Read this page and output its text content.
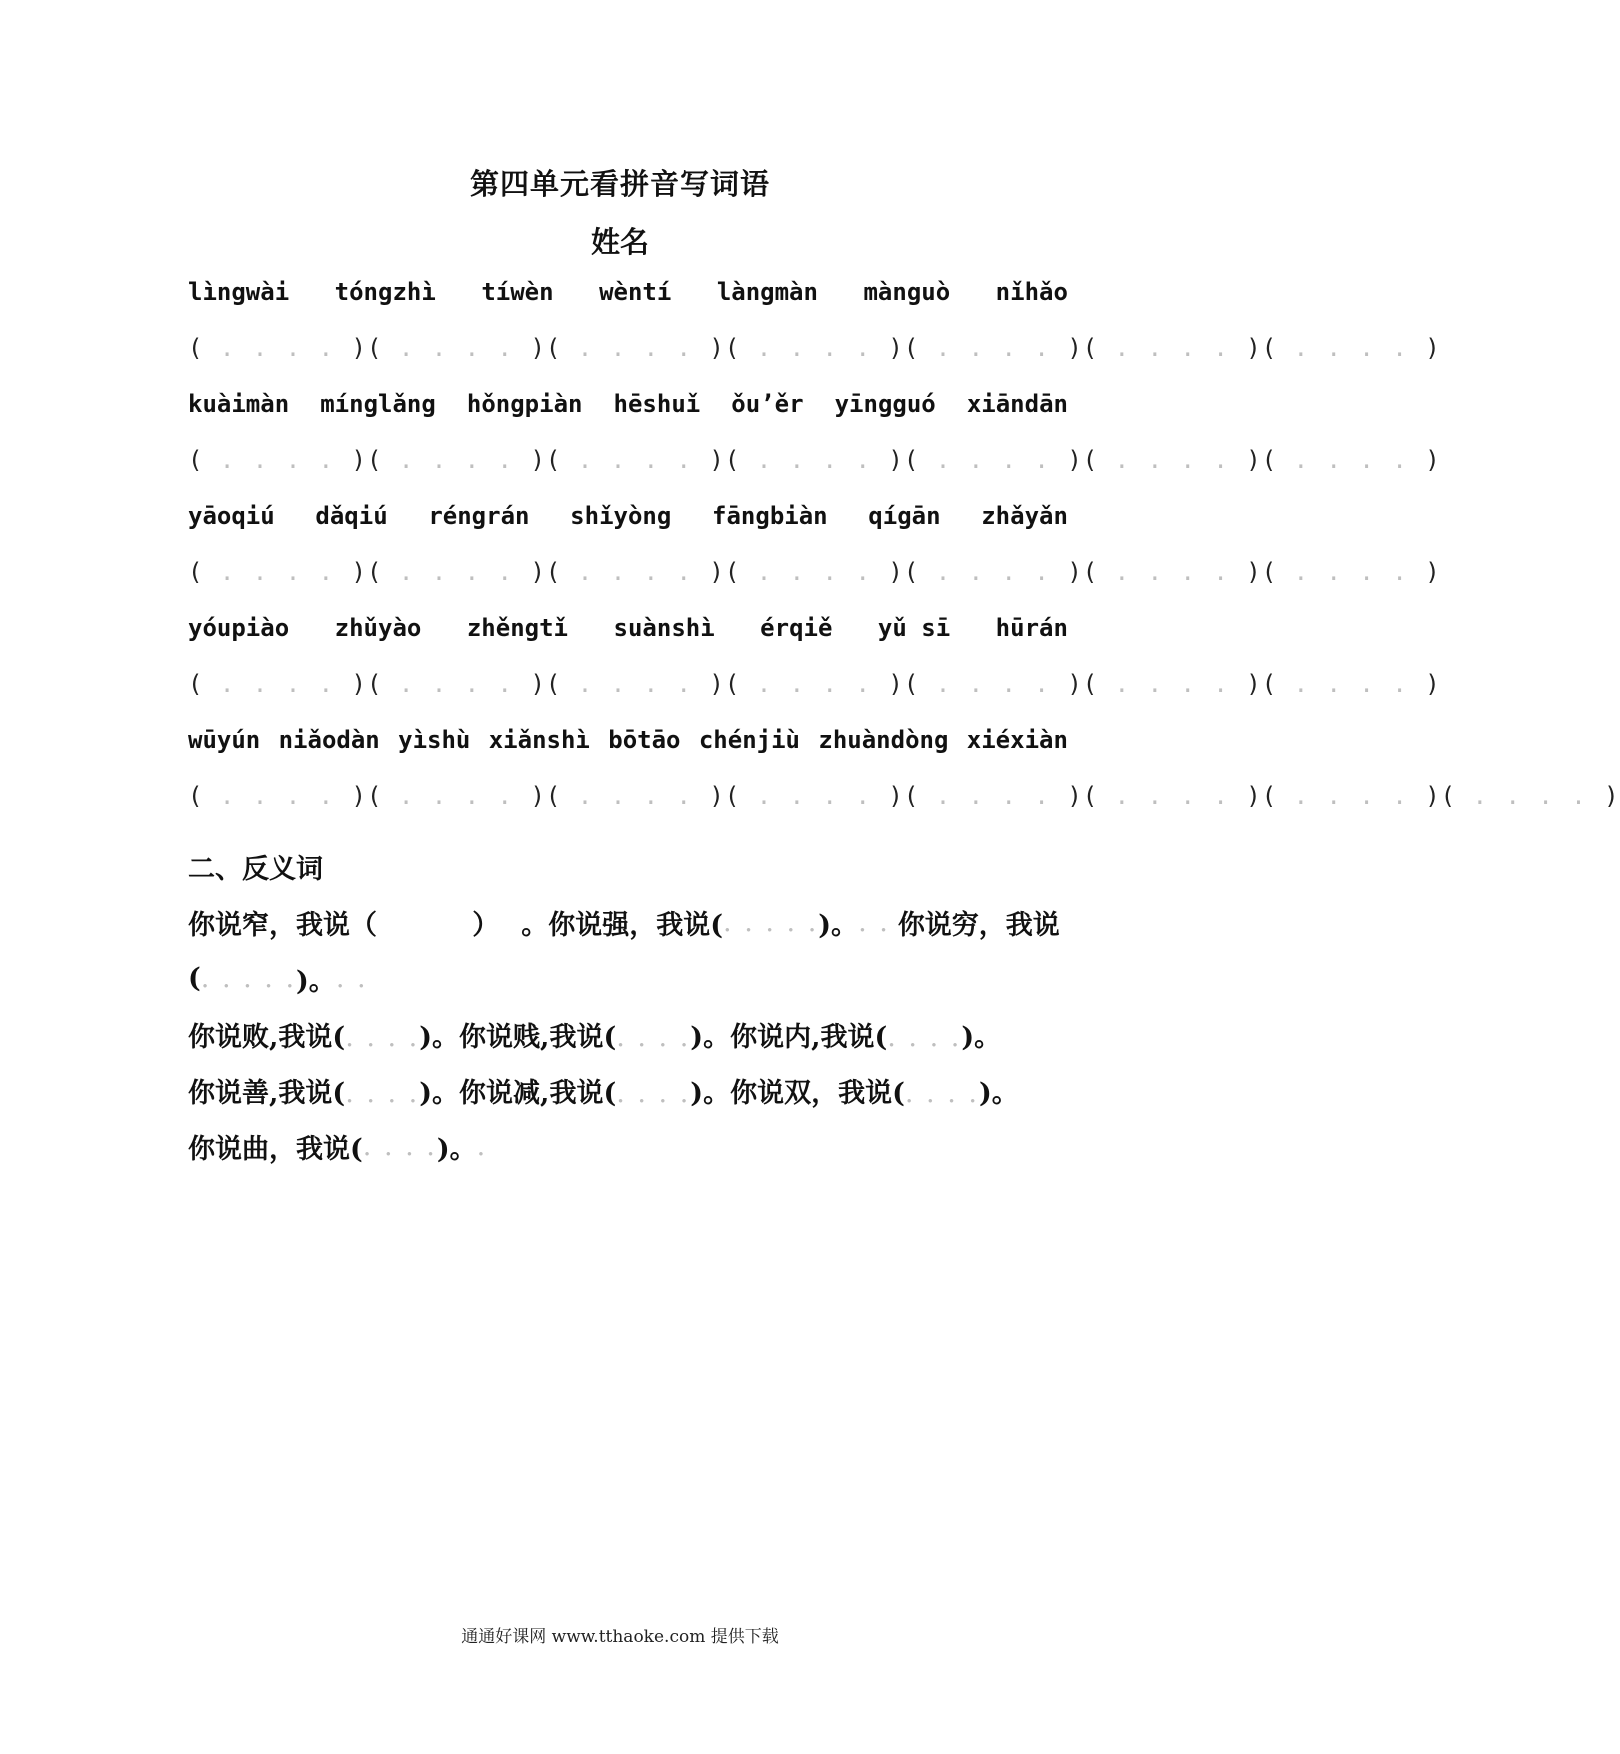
第四单元看拼音写词语
姓名
lìngwài tóngzhì tíwèn wèntí làngmàn mànguò nǐhǎo
( . . . . ) ( . . . . ) ( . . . . ) ( . . . . ) ( . . . . ) ( . . . . ) ( . . . . )
kuàimàn mínglǎng hǒngpiàn hēshuǐ ǒu’ěr yīngguó xiāndān
( . . . . ) ( . . . . ) ( . . . . ) ( . . . . ) ( . . . . ) ( . . . . ) ( . . . . )
yāoqiú dǎqiú réngrán shǐyòng fāngbiàn qígān zhǎyǎn
( . . . . ) ( . . . . ) ( . . . . ) ( . . . . ) ( . . . . ) ( . . . . ) ( . . . . )
yóupiào zhǔyào zhěngtǐ suànshì érqiě yǔ sī hūrán
( . . . . ) ( . . . . ) ( . . . . ) ( . . . . ) ( . . . . ) ( . . . . ) ( . . . . )
wūyún niǎodàn yìshù xiǎnshì bōtāo chénjiù zhuàndòng xiéxiàn
( . . . . ) ( . . . . ) ( . . . . ) ( . . . . ) ( . . . . ) ( . . . . ) ( . . . . ) ( . . . . )
二、反义词
你说窄，我说（
	） 。你说强，我说( . . . . . )。 . . 你说穷，我说
( . . . . . )。 . .
你说败,我说(. . . .)。你说贱,我说(. . . .)。你说内,我说(. . . .)。
你说善,我说(. . . .)。你说减,我说(. . . .)。你说双，我说(. . . .)。
你说曲，我说( . . . . )。 .
通通好课网 www.tthaoke.com 提供下载
